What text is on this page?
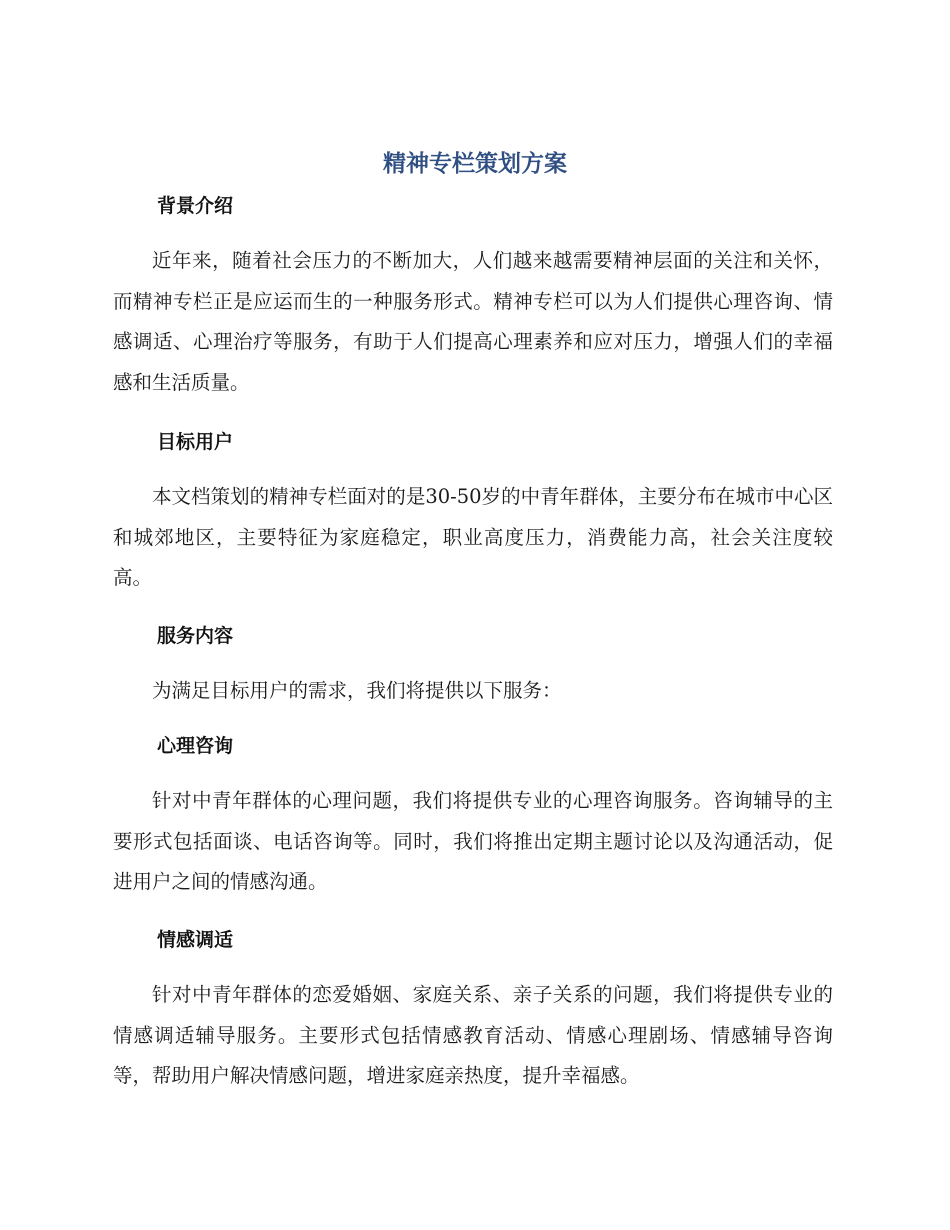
精神专栏策划方案
背景介绍

近年来，随着社会压力的不断加大，人们越来越需要精神层面的关注和关怀，而精神专栏正是应运而生的一种服务形式。精神专栏可以为人们提供心理咨询、情感调适、心理治疗等服务，有助于人们提高心理素养和应对压力，增强人们的幸福感和生活质量。

目标用户

本文档策划的精神专栏面对的是30-50岁的中青年群体，主要分布在城市中心区和城郊地区，主要特征为家庭稳定，职业高度压力，消费能力高，社会关注度较高。

服务内容

为满足目标用户的需求，我们将提供以下服务：

心理咨询

针对中青年群体的心理问题，我们将提供专业的心理咨询服务。咨询辅导的主要形式包括面谈、电话咨询等。同时，我们将推出定期主题讨论以及沟通活动，促进用户之间的情感沟通。

情感调适

针对中青年群体的恋爱婚姻、家庭关系、亲子关系的问题，我们将提供专业的情感调适辅导服务。主要形式包括情感教育活动、情感心理剧场、情感辅导咨询等，帮助用户解决情感问题，增进家庭亲热度，提升幸福感。
